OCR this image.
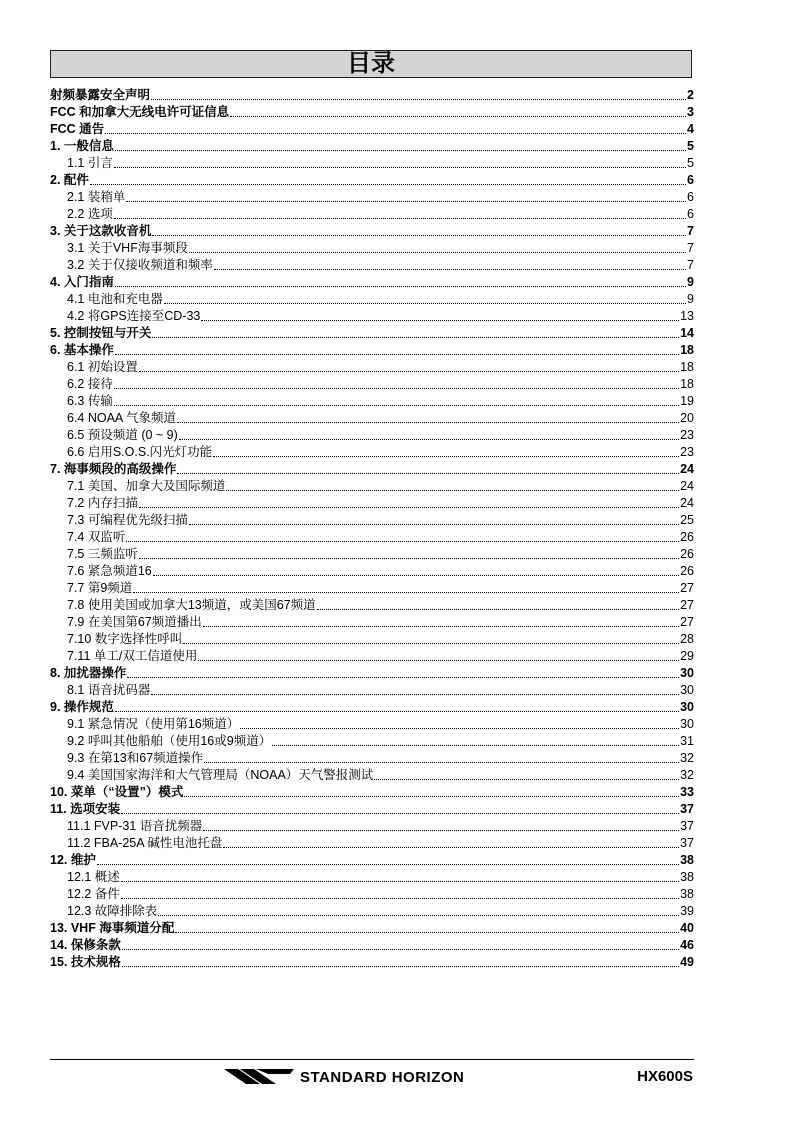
目录
射频暴露安全声明	2
FCC 和加拿大无线电许可证信息	3
FCC 通告	4
1. 一般信息	5
1.1 引言	5
2. 配件	6
2.1 装箱单	6
2.2 选项	6
3. 关于这款收音机	7
3.1 关于VHF海事频段	7
3.2 关于仅接收频道和频率	7
4. 入门指南	9
4.1 电池和充电器	9
4.2 将GPS连接至CD-33	13
5. 控制按钮与开关	14
6. 基本操作	18
6.1 初始设置	18
6.2 接待	18
6.3 传输	19
6.4 NOAA 气象频道	20
6.5 预设频道 (0 ~ 9)	23
6.6 启用S.O.S.闪光灯功能	23
7. 海事频段的高级操作	24
7.1 美国、加拿大及国际频道	24
7.2 内存扫描	24
7.3 可编程优先级扫描	25
7.4 双监听	26
7.5 三频监听	26
7.6 紧急频道16	26
7.7 第9频道	27
7.8 使用美国或加拿大13频道，或美国67频道	27
7.9 在美国第67频道播出	27
7.10 数字选择性呼叫	28
7.11 单工/双工信道使用	29
8. 加扰器操作	30
8.1 语音扰码器	30
9. 操作规范	30
9.1 紧急情况（使用第16频道）	30
9.2 呼叫其他船舶（使用16或9频道）	31
9.3 在第13和67频道操作	32
9.4 美国国家海洋和大气管理局（NOAA）天气警报测试	32
10. 菜单（“设置”）模式	33
11. 选项安装	37
11.1 FVP-31 语音扰频器	37
11.2 FBA-25A 碱性电池托盘	37
12. 维护	38
12.1 概述	38
12.2 备件	38
12.3 故障排除表	39
13. VHF 海事频道分配	40
14. 保修条款	46
15. 技术规格	49
STANDARD HORIZON	HX600S
